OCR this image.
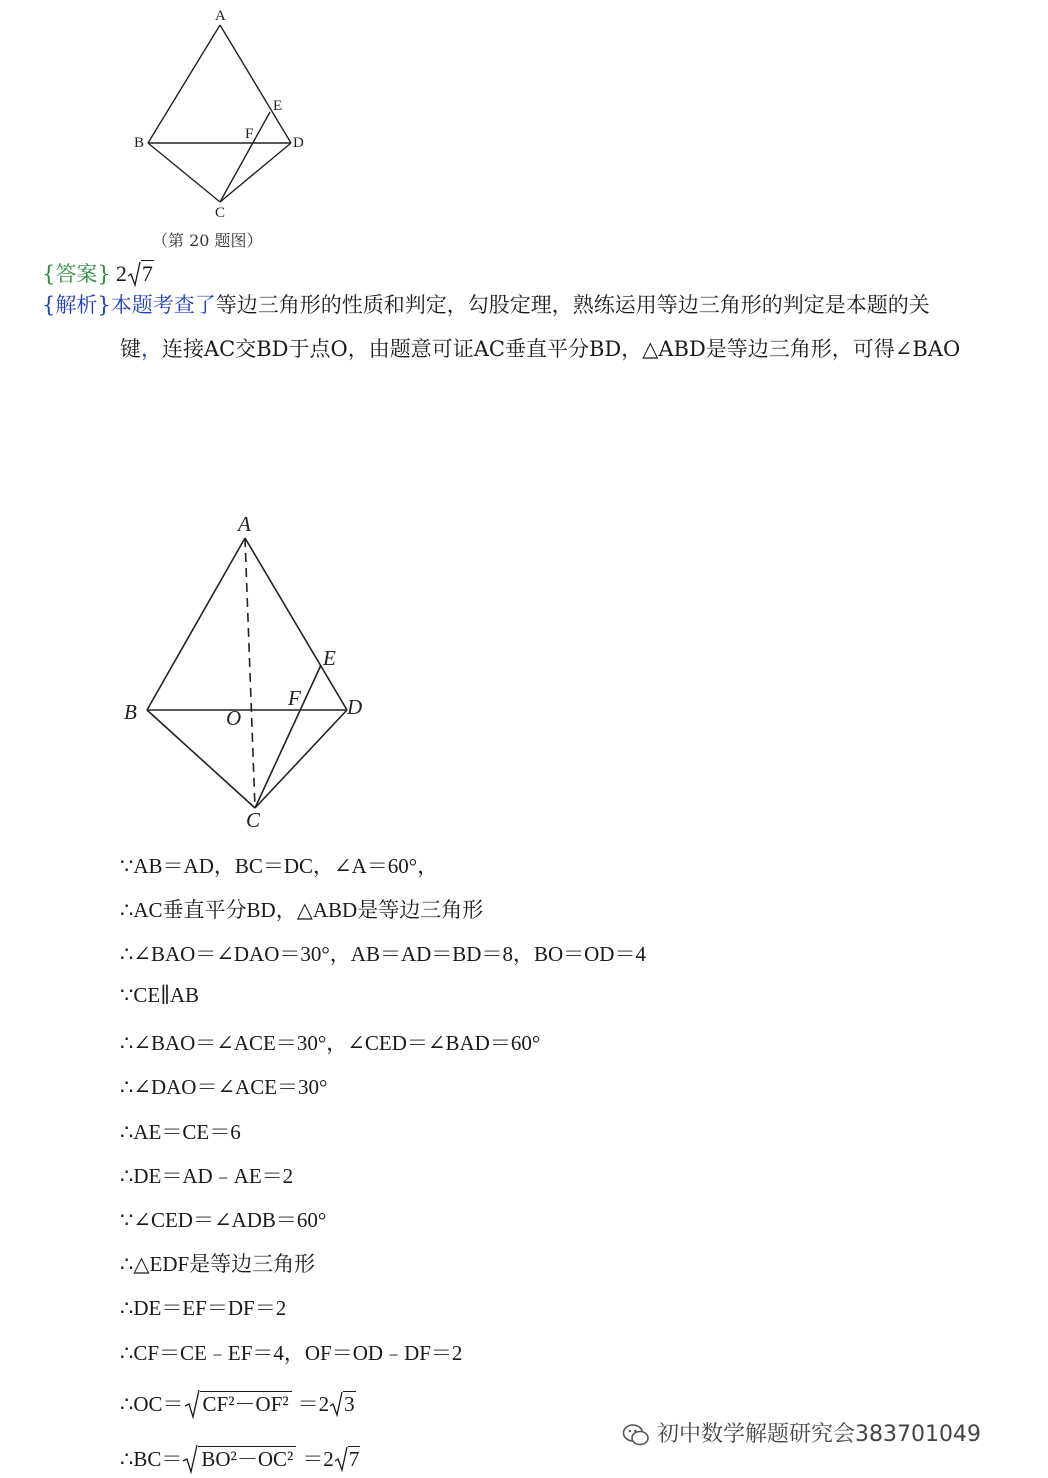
A
B
C
D
E
F
（第 20 题图）
{答案} 2 7
{解析}本题考查了等边三角形的性质和判定，勾股定理，熟练运用等边三角形的判定是本题的关
键，连接AC交BD于点O，由题意可证AC垂直平分BD，△ABD是等边三角形，可得∠BAO
A
B
C
D
E
F
O
∵AB＝AD，BC＝DC，∠A＝60°，
∴AC垂直平分BD，△ABD是等边三角形
∴∠BAO＝∠DAO＝30°，AB＝AD＝BD＝8，BO＝OD＝4
∵CE∥AB
∴∠BAO＝∠ACE＝30°，∠CED＝∠BAD＝60°
∴∠DAO＝∠ACE＝30°
∴AE＝CE＝6
∴DE＝AD﹣AE＝2
∵∠CED＝∠ADB＝60°
∴△EDF是等边三角形
∴DE＝EF＝DF＝2
∴CF＝CE﹣EF＝4，OF＝OD﹣DF＝2
∴OC＝ CF²－OF² ＝2 3
∴BC＝ BO²－OC² ＝2 7
初中数学解题研究会383701049
